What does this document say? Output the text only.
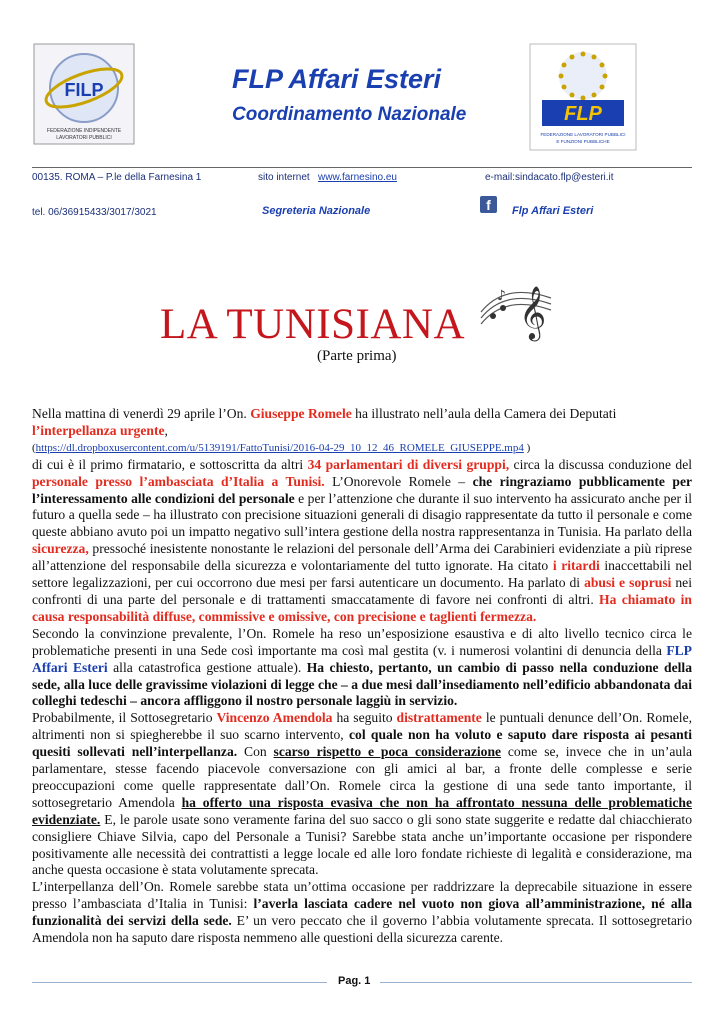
FILP
FEDERAZIONE INDIPENDENTE
LAVORATORI PUBBLICI
FLP Affari Esteri
Coordinamento Nazionale	FLP
FEDERAZIONE LAVORATORI PUBBLICI
E FUNZIONI PUBBLICHE
00135. ROMA – P.le della Farnesina 1	sito internet www.farnesino.eu	e-mail:sindacato.flp@esteri.it
tel. 06/36915433/3017/3021	Segreteria Nazionale	f	Flp Affari Esteri
LA TUNISIANA 𝄞
♪
(Parte prima)

Nella mattina di venerdì 29 aprile l’On. Giuseppe Romele ha illustrato nell’aula della Camera dei Deputati
l’interpellanza urgente,

(https://dl.dropboxusercontent.com/u/5139191/FattoTunisi/2016-04-29_10_12_46_ROMELE_GIUSEPPE.mp4 )

di cui è il primo firmatario, e sottoscritta da altri 34 parlamentari di diversi gruppi, circa la discussa conduzione del personale presso l’ambasciata d’Italia a Tunisi. L’Onorevole Romele – che ringraziamo pubblicamente per l’interessamento alle condizioni del personale e per l’attenzione che durante il suo intervento ha assicurato anche per il futuro a quella sede – ha illustrato con precisione situazioni generali di disagio rappresentate da tutto il personale e come queste abbiano avuto poi un impatto negativo sull’intera gestione della nostra rappresentanza in Tunisia. Ha parlato della sicurezza, pressoché inesistente nonostante le relazioni del personale dell’Arma dei Carabinieri evidenziate a più riprese all’attenzione del responsabile della sicurezza e volontariamente del tutto ignorate. Ha citato i ritardi inaccettabili nel settore legalizzazioni, per cui occorrono due mesi per farsi autenticare un documento. Ha parlato di abusi e soprusi nei confronti di una parte del personale e di trattamenti smaccatamente di favore nei confronti di altri. Ha chiamato in causa responsabilità diffuse, commissive e omissive, con precisione e taglienti fermezza.

Secondo la convinzione prevalente, l’On. Romele ha reso un’esposizione esaustiva e di alto livello tecnico circa le problematiche presenti in una Sede così importante ma così mal gestita (v. i numerosi volantini di denuncia della FLP Affari Esteri alla catastrofica gestione attuale). Ha chiesto, pertanto, un cambio di passo nella conduzione della sede, alla luce delle gravissime violazioni di legge che – a due mesi dall’insediamento nell’edificio abbandonata dai colleghi tedeschi – ancora affliggono il nostro personale laggiù in servizio.

Probabilmente, il Sottosegretario Vincenzo Amendola ha seguito distrattamente le puntuali denunce dell’On. Romele, altrimenti non si spiegherebbe il suo scarno intervento, col quale non ha voluto e saputo dare risposta ai pesanti quesiti sollevati nell’interpellanza. Con scarso rispetto e poca considerazione come se, invece che in un’aula parlamentare, stesse facendo piacevole conversazione con gli amici al bar, a fronte delle complesse e serie preoccupazioni come quelle rappresentate dall’On. Romele circa la gestione di una sede tanto importante, il sottosegretario Amendola ha offerto una risposta evasiva che non ha affrontato nessuna delle problematiche evidenziate. E, le parole usate sono veramente farina del suo sacco o gli sono state suggerite e redatte dal chiacchierato consigliere Chiave Silvia, capo del Personale a Tunisi? Sarebbe stata anche un’importante occasione per rispondere positivamente alle necessità dei contrattisti a legge locale ed alle loro fondate richieste di legalità e considerazione, ma anche questa occasione è stata volutamente sprecata.

L’interpellanza dell’On. Romele sarebbe stata un’ottima occasione per raddrizzare la deprecabile situazione in essere presso l’ambasciata d’Italia in Tunisi: l’averla lasciata cadere nel vuoto non giova all’amministrazione, né alla funzionalità dei servizi della sede. E’ un vero peccato che il governo l’abbia volutamente sprecata. Il sottosegretario Amendola non ha saputo dare risposta nemmeno alle questioni della sicurezza carente.

Pag. 1
